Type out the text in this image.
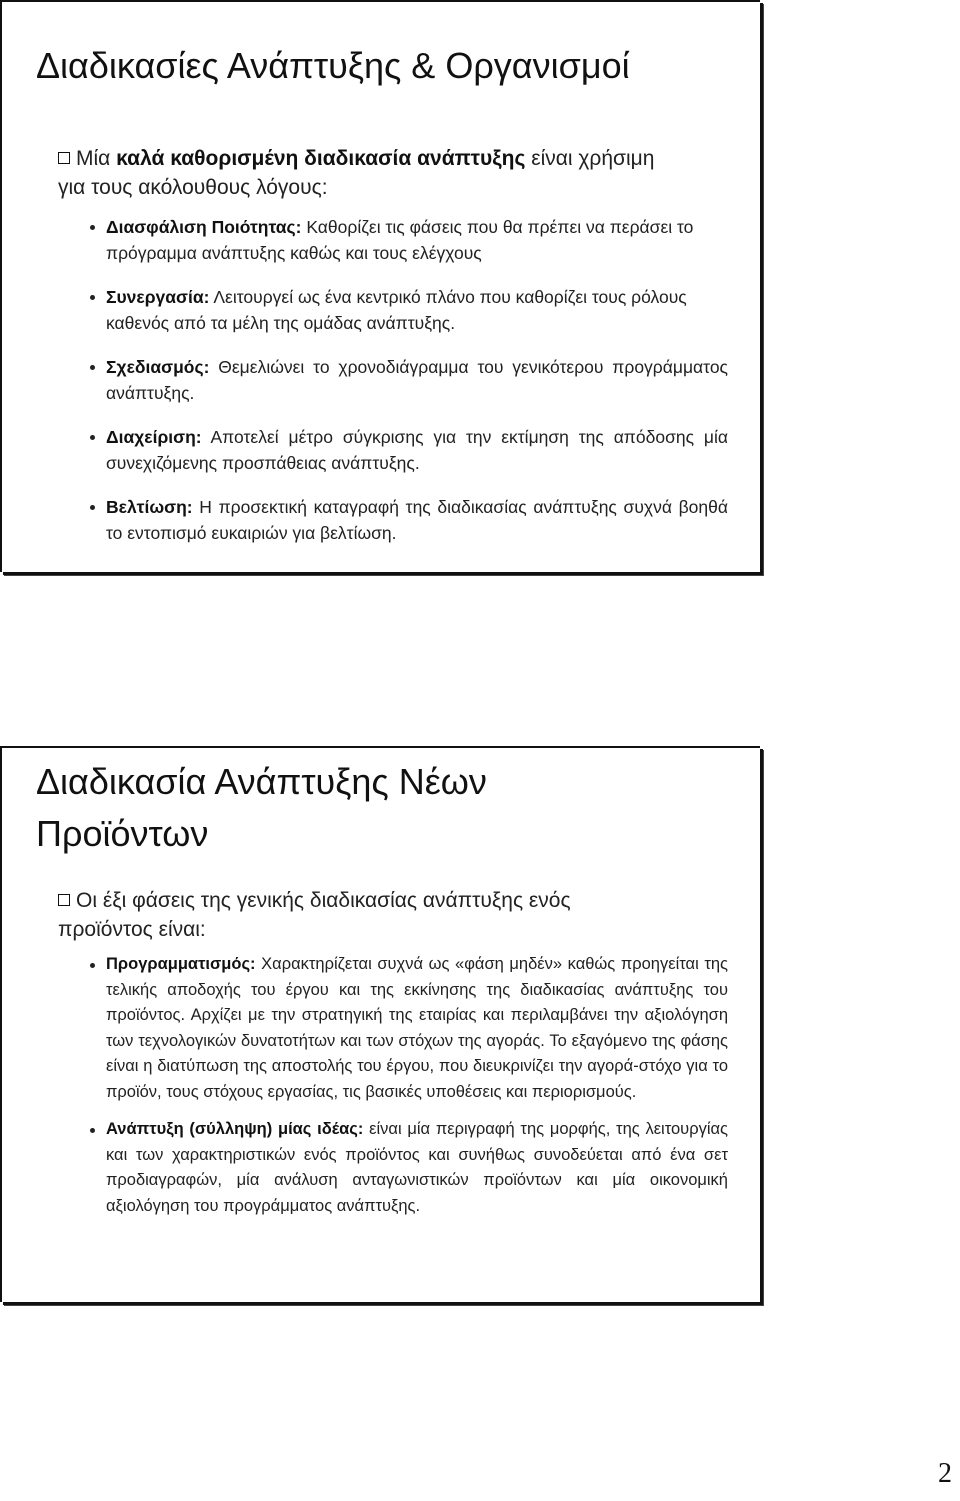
Διαδικασίες Ανάπτυξης & Οργανισμοί
Μία καλά καθορισμένη διαδικασία ανάπτυξης είναι χρήσιμη
για τους ακόλουθους λόγους:
Διασφάλιση Ποιότητας: Καθορίζει τις φάσεις που θα πρέπει να περάσει το πρόγραμμα ανάπτυξης καθώς και τους ελέγχους
Συνεργασία: Λειτουργεί ως ένα κεντρικό πλάνο που καθορίζει τους ρόλους καθενός από τα μέλη της ομάδας ανάπτυξης.
Σχεδιασμός: Θεμελιώνει το χρονοδιάγραμμα του γενικότερου προγράμματος ανάπτυξης.
Διαχείριση: Αποτελεί μέτρο σύγκρισης για την εκτίμηση της απόδοσης μία συνεχιζόμενης προσπάθειας ανάπτυξης.
Βελτίωση: Η προσεκτική καταγραφή της διαδικασίας ανάπτυξης συχνά βοηθά το εντοπισμό ευκαιριών για βελτίωση.
Διαδικασία Ανάπτυξης Νέων
Προϊόντων
Οι έξι φάσεις της γενικής διαδικασίας ανάπτυξης ενός
προϊόντος είναι:
Προγραμματισμός: Χαρακτηρίζεται συχνά ως «φάση μηδέν» καθώς προηγείται της τελικής αποδοχής του έργου και της εκκίνησης της διαδικασίας ανάπτυξης του προϊόντος. Αρχίζει με την στρατηγική της εταιρίας και περιλαμβάνει την αξιολόγηση των τεχνολογικών δυνατοτήτων και των στόχων της αγοράς. Το εξαγόμενο της φάσης είναι η διατύπωση της αποστολής του έργου, που διευκρινίζει την αγορά-στόχο για το προϊόν, τους στόχους εργασίας, τις βασικές υποθέσεις και περιορισμούς.
Ανάπτυξη (σύλληψη) μίας ιδέας: είναι μία περιγραφή της μορφής, της λειτουργίας και των χαρακτηριστικών ενός προϊόντος και συνήθως συνοδεύεται από ένα σετ προδιαγραφών, μία ανάλυση ανταγωνιστικών προϊόντων και μία οικονομική αξιολόγηση του προγράμματος ανάπτυξης.
2
